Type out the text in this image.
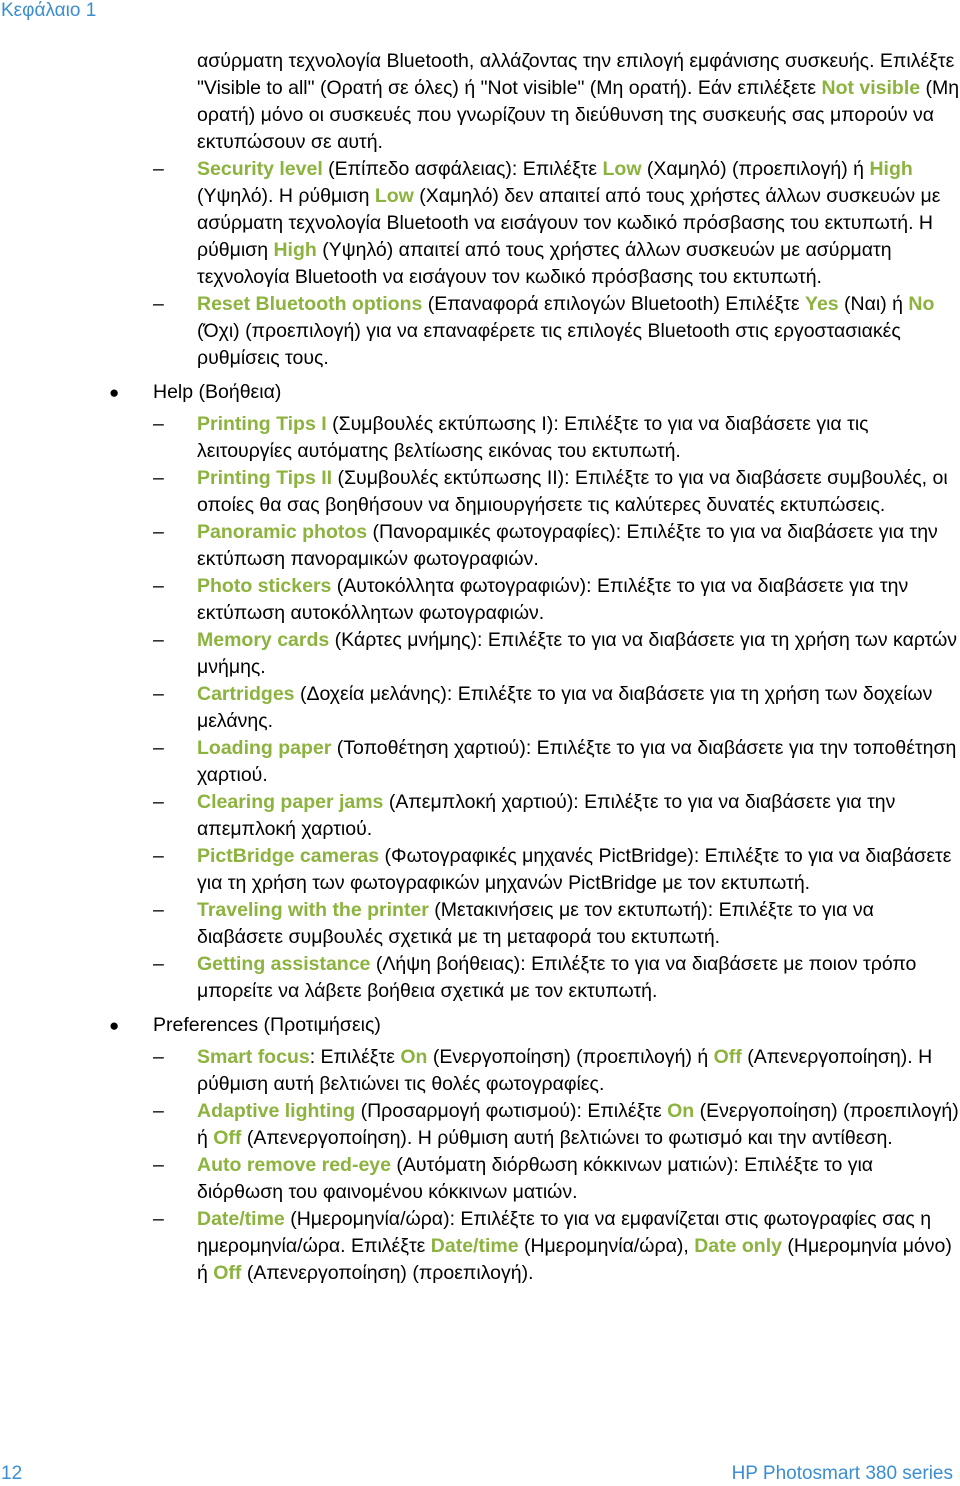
Κεφάλαιο 1

ασύρματη τεχνολογία Bluetooth, αλλάζοντας την επιλογή εμφάνισης συσκευής. Επιλέξτε "Visible to all" (Ορατή σε όλες) ή "Not visible" (Μη ορατή). Εάν επιλέξετε Not visible (Μη ορατή) μόνο οι συσκευές που γνωρίζουν τη διεύθυνση της συσκευής σας μπορούν να εκτυπώσουν σε αυτή.

– Security level (Επίπεδο ασφάλειας): Επιλέξτε Low (Χαμηλό) (προεπιλογή) ή High (Υψηλό). Η ρύθμιση Low (Χαμηλό) δεν απαιτεί από τους χρήστες άλλων συσκευών με ασύρματη τεχνολογία Bluetooth να εισάγουν τον κωδικό πρόσβασης του εκτυπωτή. Η ρύθμιση High (Υψηλό) απαιτεί από τους χρήστες άλλων συσκευών με ασύρματη τεχνολογία Bluetooth να εισάγουν τον κωδικό πρόσβασης του εκτυπωτή.

– Reset Bluetooth options (Επαναφορά επιλογών Bluetooth) Επιλέξτε Yes (Ναι) ή No (Όχι) (προεπιλογή) για να επαναφέρετε τις επιλογές Bluetooth στις εργοστασιακές ρυθμίσεις τους.

● Help (Βοήθεια)

– Printing Tips I (Συμβουλές εκτύπωσης I): Επιλέξτε το για να διαβάσετε για τις λειτουργίες αυτόματης βελτίωσης εικόνας του εκτυπωτή.

– Printing Tips II (Συμβουλές εκτύπωσης II): Επιλέξτε το για να διαβάσετε συμβουλές, οι οποίες θα σας βοηθήσουν να δημιουργήσετε τις καλύτερες δυνατές εκτυπώσεις.

– Panoramic photos (Πανοραμικές φωτογραφίες): Επιλέξτε το για να διαβάσετε για την εκτύπωση πανοραμικών φωτογραφιών.

– Photo stickers (Αυτοκόλλητα φωτογραφιών): Επιλέξτε το για να διαβάσετε για την εκτύπωση αυτοκόλλητων φωτογραφιών.

– Memory cards (Κάρτες μνήμης): Επιλέξτε το για να διαβάσετε για τη χρήση των καρτών μνήμης.

– Cartridges (Δοχεία μελάνης): Επιλέξτε το για να διαβάσετε για τη χρήση των δοχείων μελάνης.

– Loading paper (Τοποθέτηση χαρτιού): Επιλέξτε το για να διαβάσετε για την τοποθέτηση χαρτιού.

– Clearing paper jams (Απεμπλοκή χαρτιού): Επιλέξτε το για να διαβάσετε για την απεμπλοκή χαρτιού.

– PictBridge cameras (Φωτογραφικές μηχανές PictBridge): Επιλέξτε το για να διαβάσετε για τη χρήση των φωτογραφικών μηχανών PictBridge με τον εκτυπωτή.

– Traveling with the printer (Μετακινήσεις με τον εκτυπωτή): Επιλέξτε το για να διαβάσετε συμβουλές σχετικά με τη μεταφορά του εκτυπωτή.

– Getting assistance (Λήψη βοήθειας): Επιλέξτε το για να διαβάσετε με ποιον τρόπο μπορείτε να λάβετε βοήθεια σχετικά με τον εκτυπωτή.

● Preferences (Προτιμήσεις)

– Smart focus: Επιλέξτε On (Ενεργοποίηση) (προεπιλογή) ή Off (Απενεργοποίηση). Η ρύθμιση αυτή βελτιώνει τις θολές φωτογραφίες.

– Adaptive lighting (Προσαρμογή φωτισμού): Επιλέξτε On (Ενεργοποίηση) (προεπιλογή) ή Off (Απενεργοποίηση). Η ρύθμιση αυτή βελτιώνει το φωτισμό και την αντίθεση.

– Auto remove red-eye (Αυτόματη διόρθωση κόκκινων ματιών): Επιλέξτε το για διόρθωση του φαινομένου κόκκινων ματιών.

– Date/time (Ημερομηνία/ώρα): Επιλέξτε το για να εμφανίζεται στις φωτογραφίες σας η ημερομηνία/ώρα. Επιλέξτε Date/time (Ημερομηνία/ώρα), Date only (Ημερομηνία μόνο) ή Off (Απενεργοποίηση) (προεπιλογή).

12	HP Photosmart 380 series
